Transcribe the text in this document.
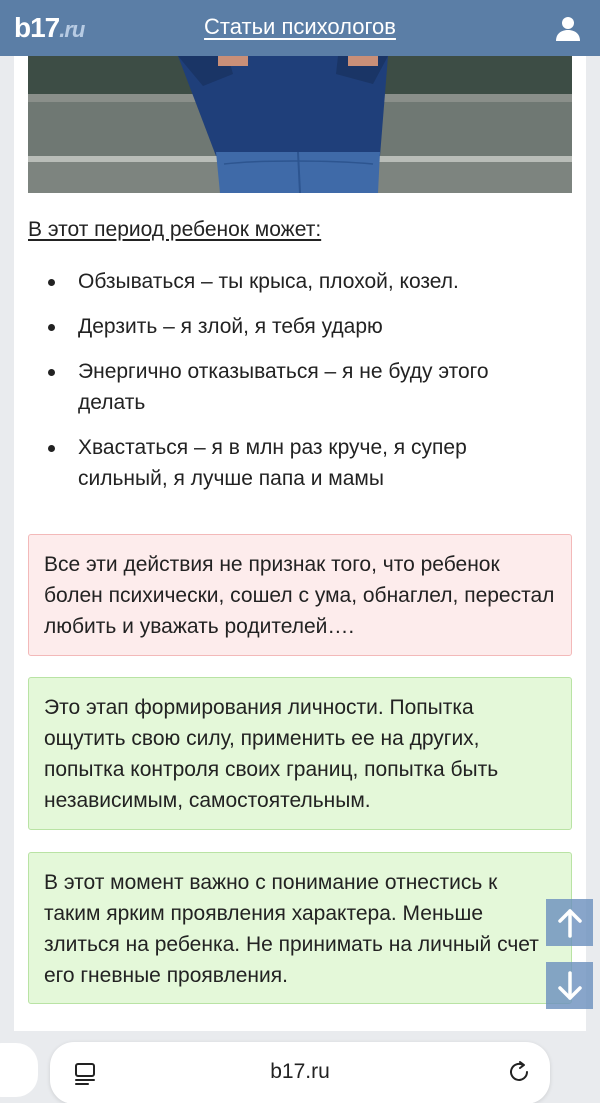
b17.ru	Статьи психологов
В этот период ребенок может:
Обзываться – ты крыса, плохой, козел.
Дерзить – я злой, я тебя ударю
Энергично отказываться – я не буду этого делать
Хвастаться – я в млн раз круче, я супер сильный, я лучше папа и мамы
Все эти действия не признак того, что ребенок болен психически, сошел с ума, обнаглел, перестал любить и уважать родителей….
Это этап формирования личности. Попытка ощутить свою силу, применить ее на других, попытка контроля своих границ, попытка быть независимым, самостоятельным.
В этот момент важно с понимание отнестись к таким ярким проявления характера. Меньше злиться на ребенка. Не принимать на личный счет его гневные проявления.
b17.ru
